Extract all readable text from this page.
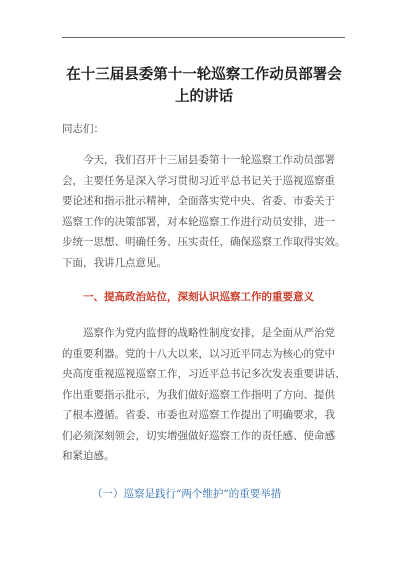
在十三届县委第十一轮巡察工作动员部署会
上的讲话
同志们：
今天，我们召开十三届县委第十一轮巡察工作动员部署
会，主要任务是深入学习贯彻习近平总书记关于巡视巡察重
要论述和指示批示精神，全面落实党中央、省委、市委关于
巡察工作的决策部署，对本轮巡察工作进行动员安排，进一
步统一思想、明确任务、压实责任，确保巡察工作取得实效。
下面，我讲几点意见。
一、提高政治站位，深刻认识巡察工作的重要意义
巡察作为党内监督的战略性制度安排，是全面从严治党
的重要利器。党的十八大以来，以习近平同志为核心的党中
央高度重视巡视巡察工作，习近平总书记多次发表重要讲话、
作出重要指示批示，为我们做好巡察工作指明了方向、提供
了根本遵循。省委、市委也对巡察工作提出了明确要求，我
们必须深刻领会，切实增强做好巡察工作的责任感、使命感
和紧迫感。
（一）巡察是践行“两个维护”的重要举措
